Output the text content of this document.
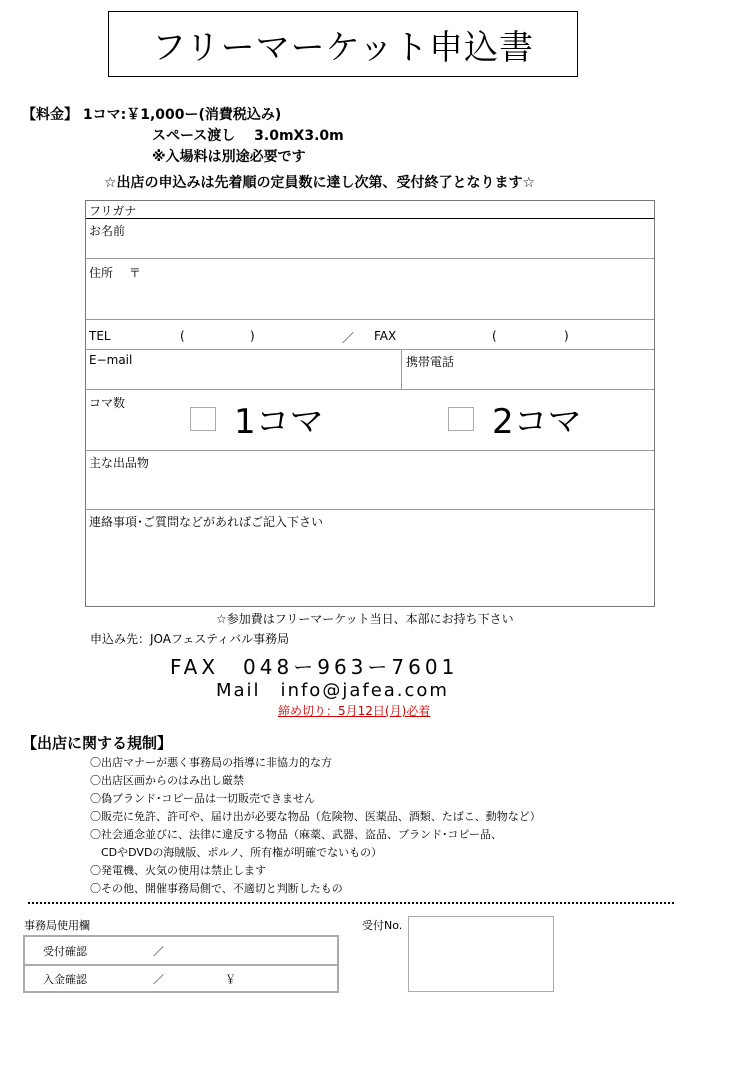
フリーマーケット申込書
【料金】 1コマ:￥1,000ー(消費税込み)
スペース渡し　 3.0mX3.0m
※入場料は別途必要です
☆出店の申込みは先着順の定員数に達し次第、受付終了となります☆
フリガナ
お名前
住所　 〒
TEL	(	)	／ FAX	(	)
E−mail	携帯電話
コマ数	1コマ	2コマ
主な出品物
連絡事項･ご質問などがあればご記入下さい
☆参加費はフリーマーケット当日、本部にお持ち下さい
申込み先：JOAフェスティバル事務局
FAX　048ー963ー7601
Mail　info@jafea.com
締め切り：5月12日(月)必着
【出店に関する規制】
〇出店マナーが悪く事務局の指導に非協力的な方
〇出店区画からのはみ出し厳禁
〇偽ブランド･コピー品は一切販売できません
〇販売に免許、許可や、届け出が必要な物品（危険物、医薬品、酒類、たばこ、動物など）
〇社会通念並びに、法律に違反する物品（麻薬、武器、盗品、ブランド･コピー品、
　CDやDVDの海賊版、ポルノ、所有権が明確でないもの）
〇発電機、火気の使用は禁止します
〇その他、開催事務局側で、不適切と判断したもの
事務局使用欄
受付確認	／
入金確認	／	￥
受付No.
